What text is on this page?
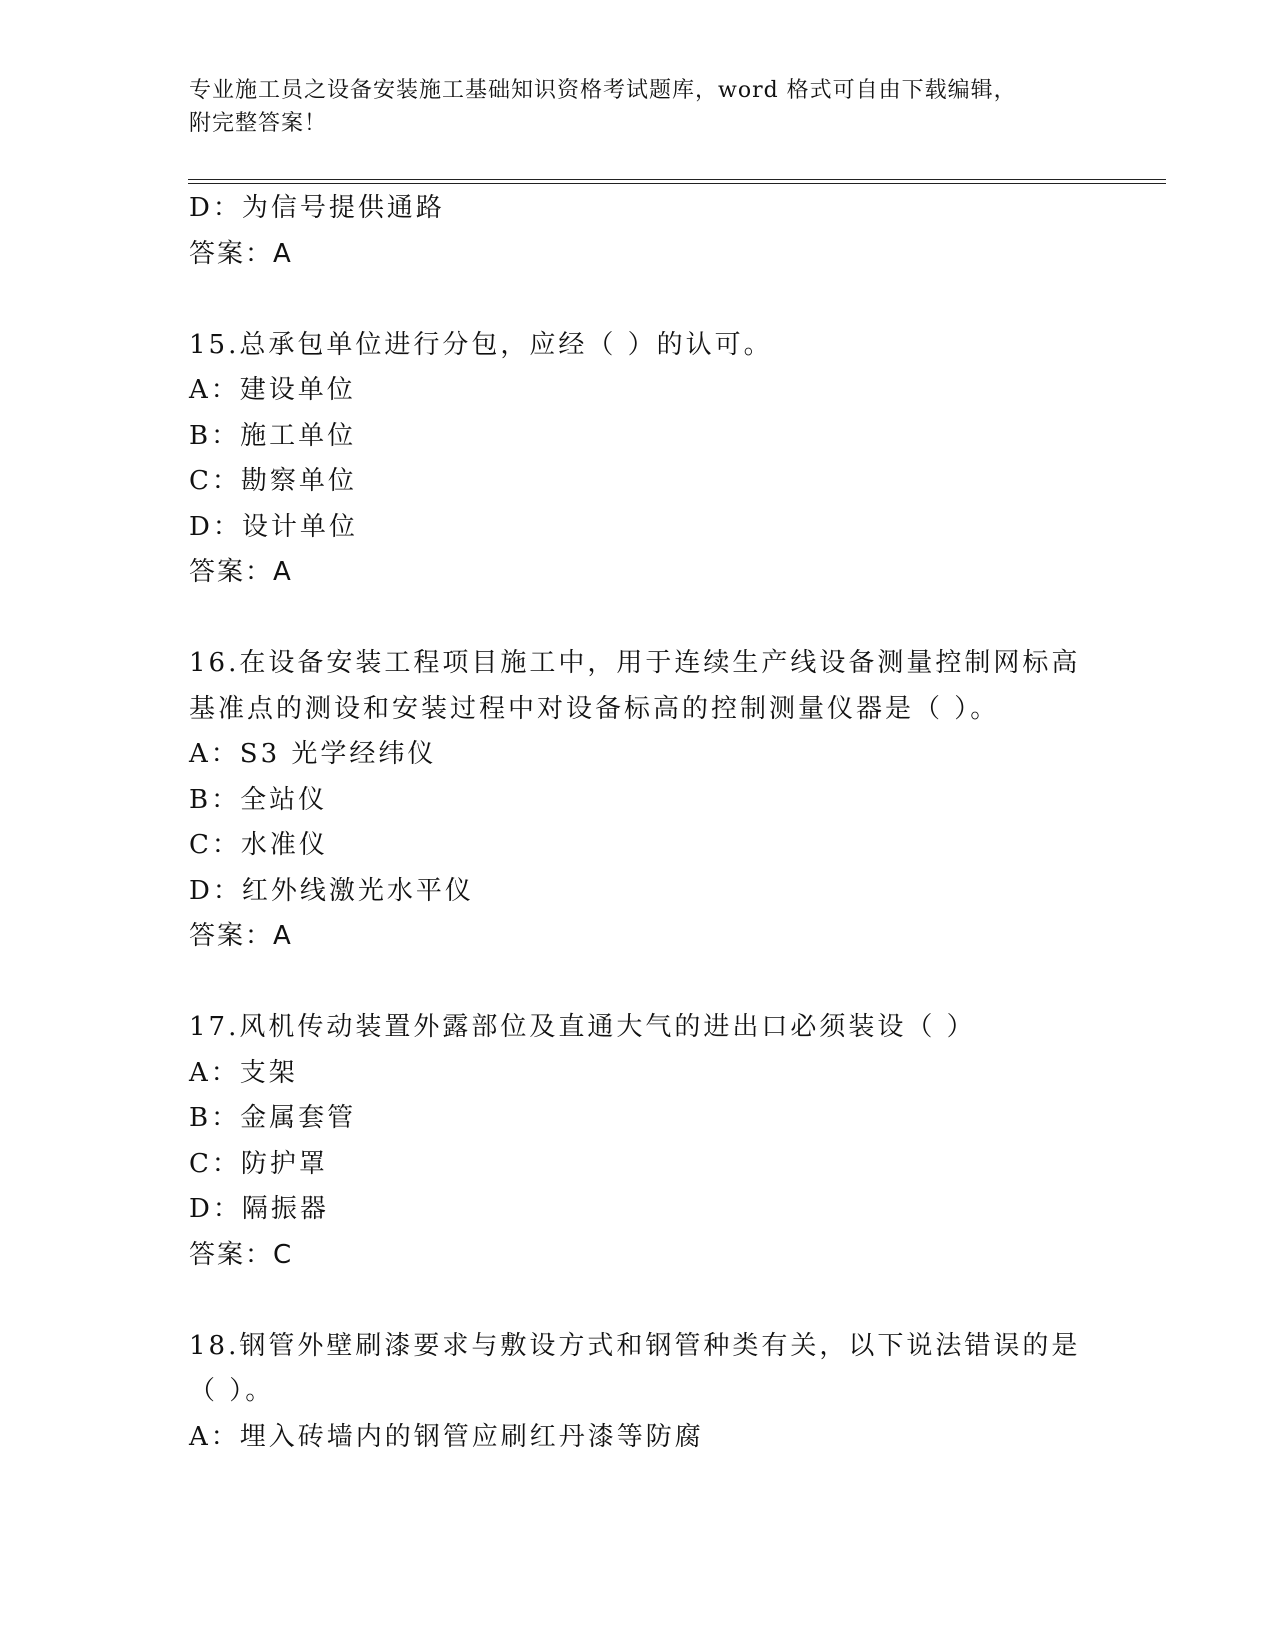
专业施工员之设备安装施工基础知识资格考试题库，word 格式可自由下载编辑，
附完整答案！
D：为信号提供通路
答案：A
15.总承包单位进行分包，应经（ ）的认可。
A：建设单位
B：施工单位
C：勘察单位
D：设计单位
答案：A
16.在设备安装工程项目施工中，用于连续生产线设备测量控制网标高
基准点的测设和安装过程中对设备标高的控制测量仪器是（ ）。
A：S3 光学经纬仪
B：全站仪
C：水准仪
D：红外线激光水平仪
答案：A
17.风机传动装置外露部位及直通大气的进出口必须装设（ ）
A：支架
B：金属套管
C：防护罩
D：隔振器
答案：C
18.钢管外壁刷漆要求与敷设方式和钢管种类有关，以下说法错误的是
（ ）。
A：埋入砖墙内的钢管应刷红丹漆等防腐
